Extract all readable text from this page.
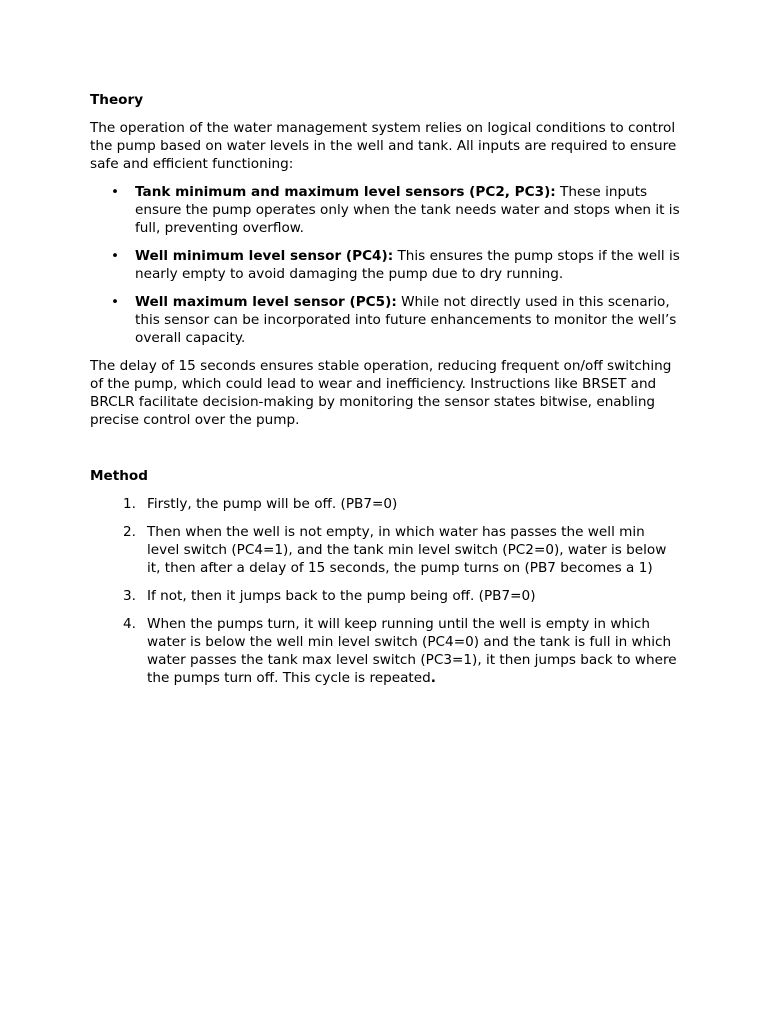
Theory

The operation of the water management system relies on logical conditions to control the pump based on water levels in the well and tank. All inputs are required to ensure safe and efficient functioning:

• Tank minimum and maximum level sensors (PC2, PC3): These inputs ensure the pump operates only when the tank needs water and stops when it is full, preventing overflow.
• Well minimum level sensor (PC4): This ensures the pump stops if the well is nearly empty to avoid damaging the pump due to dry running.
• Well maximum level sensor (PC5): While not directly used in this scenario, this sensor can be incorporated into future enhancements to monitor the well’s overall capacity.

The delay of 15 seconds ensures stable operation, reducing frequent on/off switching of the pump, which could lead to wear and inefficiency. Instructions like BRSET and BRCLR facilitate decision-making by monitoring the sensor states bitwise, enabling precise control over the pump.

Method
1. Firstly, the pump will be off. (PB7=0)
2. Then when the well is not empty, in which water has passes the well min level switch (PC4=1), and the tank min level switch (PC2=0), water is below it, then after a delay of 15 seconds, the pump turns on (PB7 becomes a 1)
3. If not, then it jumps back to the pump being off. (PB7=0)
4. When the pumps turn, it will keep running until the well is empty in which water is below the well min level switch (PC4=0) and the tank is full in which water passes the tank max level switch (PC3=1), it then jumps back to where the pumps turn off. This cycle is repeated.
